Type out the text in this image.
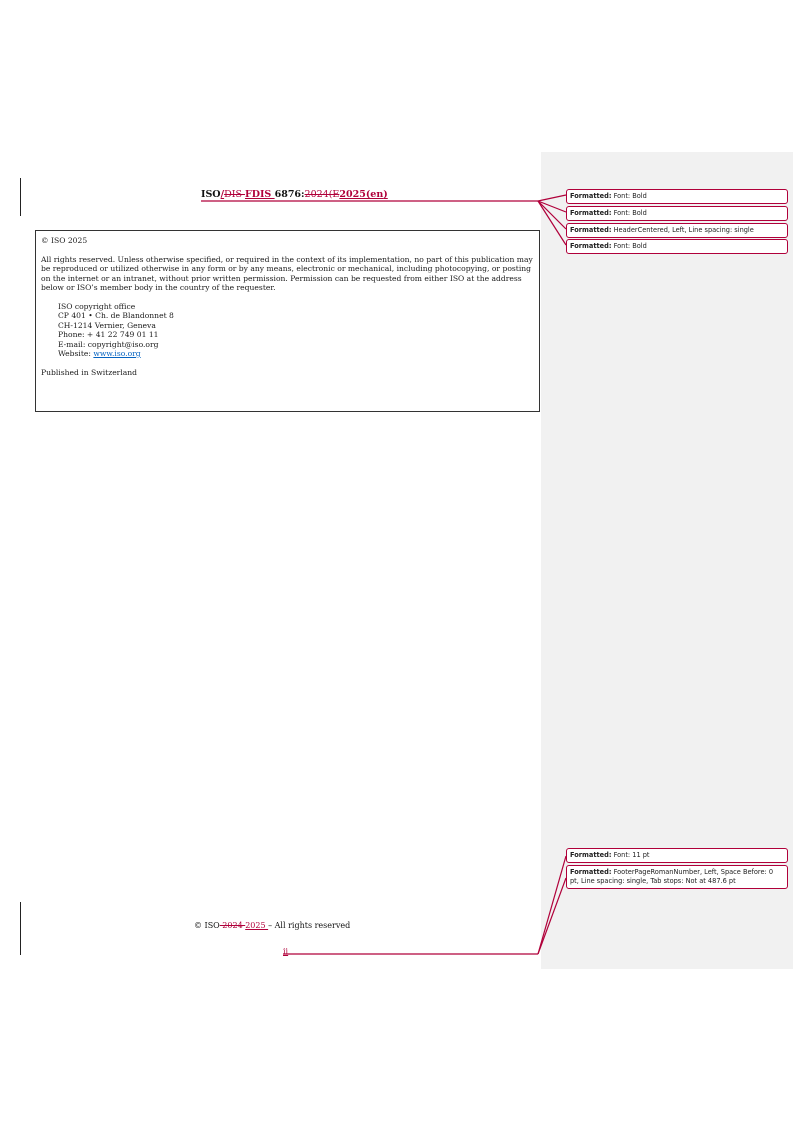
ISO/DIS FDIS 6876:2024(E2025(en)

© ISO 2025

All rights reserved. Unless otherwise specified, or required in the context of its implementation, no part of this publication may be reproduced or utilized otherwise in any form or by any means, electronic or mechanical, including photocopying, or posting on the internet or an intranet, without prior written permission. Permission can be requested from either ISO at the address below or ISO’s member body in the country of the requester.

ISO copyright office
CP 401 • Ch. de Blandonnet 8
CH-1214 Vernier, Geneva
Phone: + 41 22 749 01 11
E-mail: copyright@iso.org
Website: www.iso.org

Published in Switzerland

Formatted: Font: Bold
Formatted: Font: Bold
Formatted: HeaderCentered, Left, Line spacing: single
Formatted: Font: Bold
Formatted: Font: 11 pt
Formatted: FooterPageRomanNumber, Left, Space Before: 0 pt, Line spacing: single, Tab stops: Not at 487.6 pt
© ISO 2024 2025 – All rights reserved
ii
